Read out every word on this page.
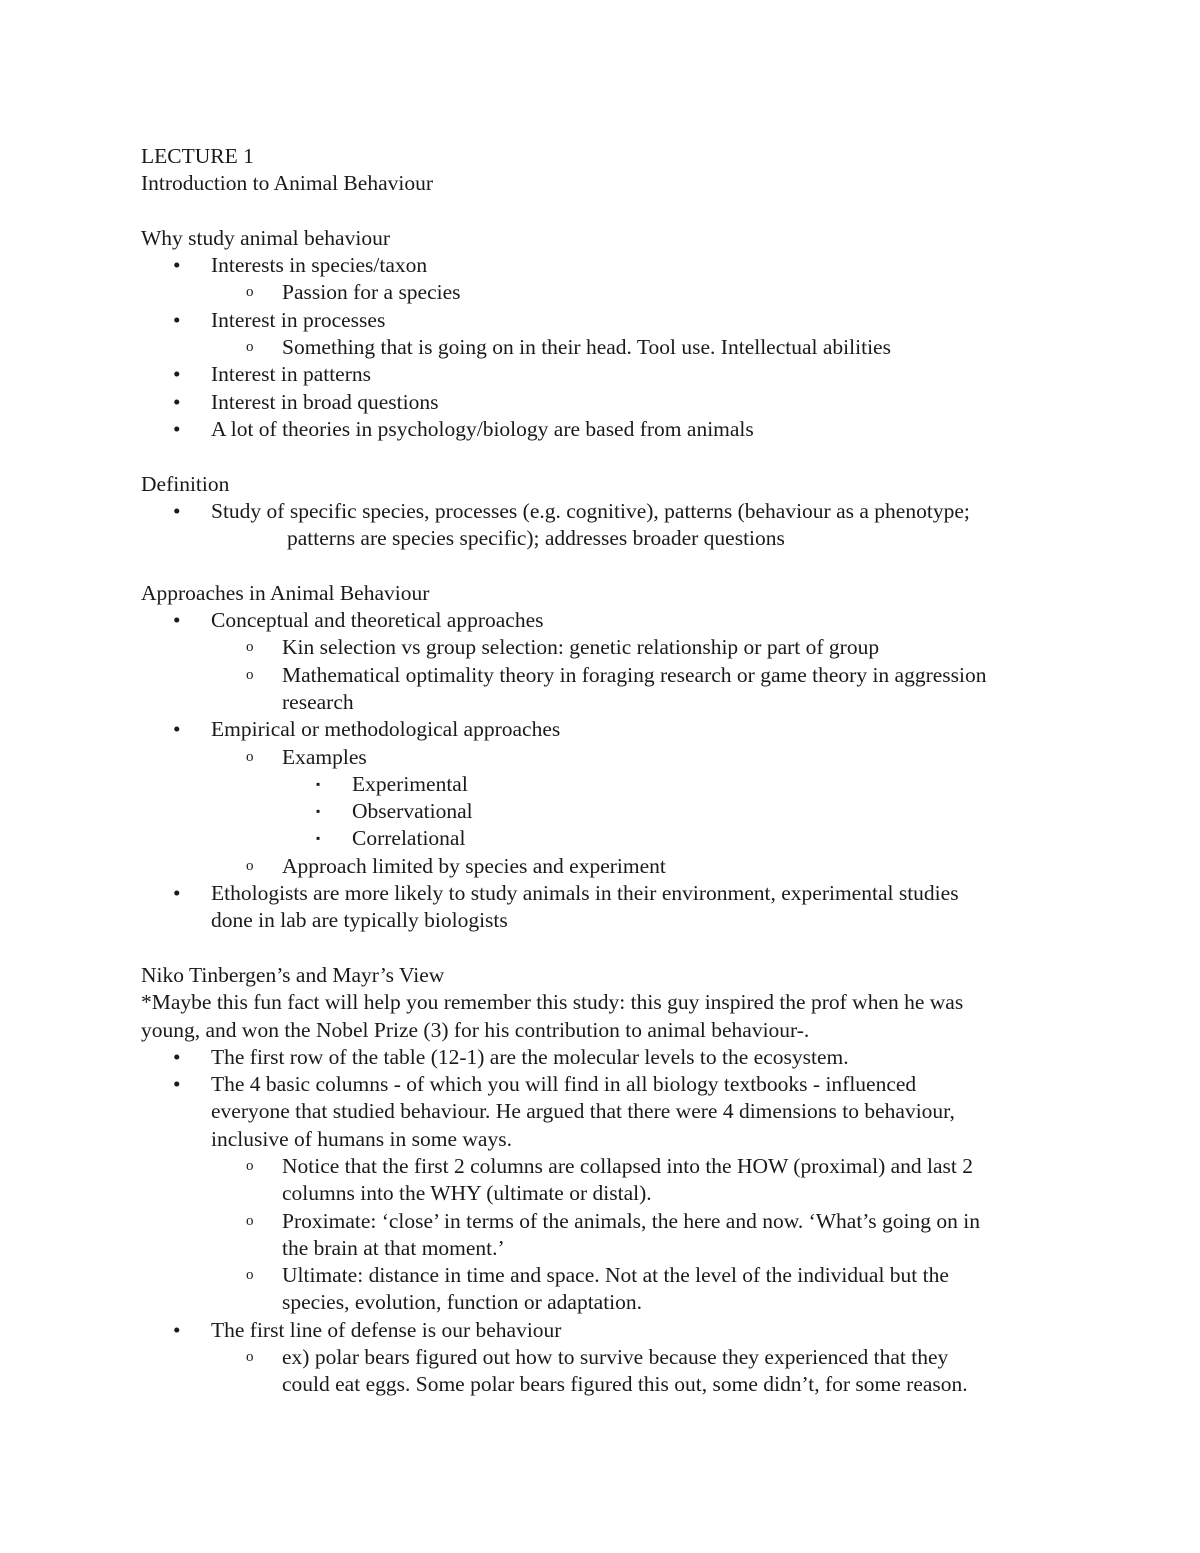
LECTURE 1
Introduction to Animal Behaviour
Why study animal behaviour
• Interests in species/taxon
o Passion for a species
• Interest in processes
o Something that is going on in their head. Tool use. Intellectual abilities
• Interest in patterns
• Interest in broad questions
• A lot of theories in psychology/biology are based from animals
Definition
• Study of specific species, processes (e.g. cognitive), patterns (behaviour as a phenotype;
patterns are species specific); addresses broader questions
Approaches in Animal Behaviour
• Conceptual and theoretical approaches
o Kin selection vs group selection: genetic relationship or part of group
o Mathematical optimality theory in foraging research or game theory in aggression
research
• Empirical or methodological approaches
o Examples
▪ Experimental
▪ Observational
▪ Correlational
o Approach limited by species and experiment
• Ethologists are more likely to study animals in their environment, experimental studies
done in lab are typically biologists
Niko Tinbergen’s and Mayr’s View
*Maybe this fun fact will help you remember this study: this guy inspired the prof when he was
young, and won the Nobel Prize (3) for his contribution to animal behaviour-.
• The first row of the table (12-1) are the molecular levels to the ecosystem.
• The 4 basic columns - of which you will find in all biology textbooks - influenced
everyone that studied behaviour. He argued that there were 4 dimensions to behaviour,
inclusive of humans in some ways.
o Notice that the first 2 columns are collapsed into the HOW (proximal) and last 2
columns into the WHY (ultimate or distal).
o Proximate: ‘close’ in terms of the animals, the here and now. ‘What’s going on in
the brain at that moment.’
o Ultimate: distance in time and space. Not at the level of the individual but the
species, evolution, function or adaptation.
• The first line of defense is our behaviour
o ex) polar bears figured out how to survive because they experienced that they
could eat eggs. Some polar bears figured this out, some didn’t, for some reason.
